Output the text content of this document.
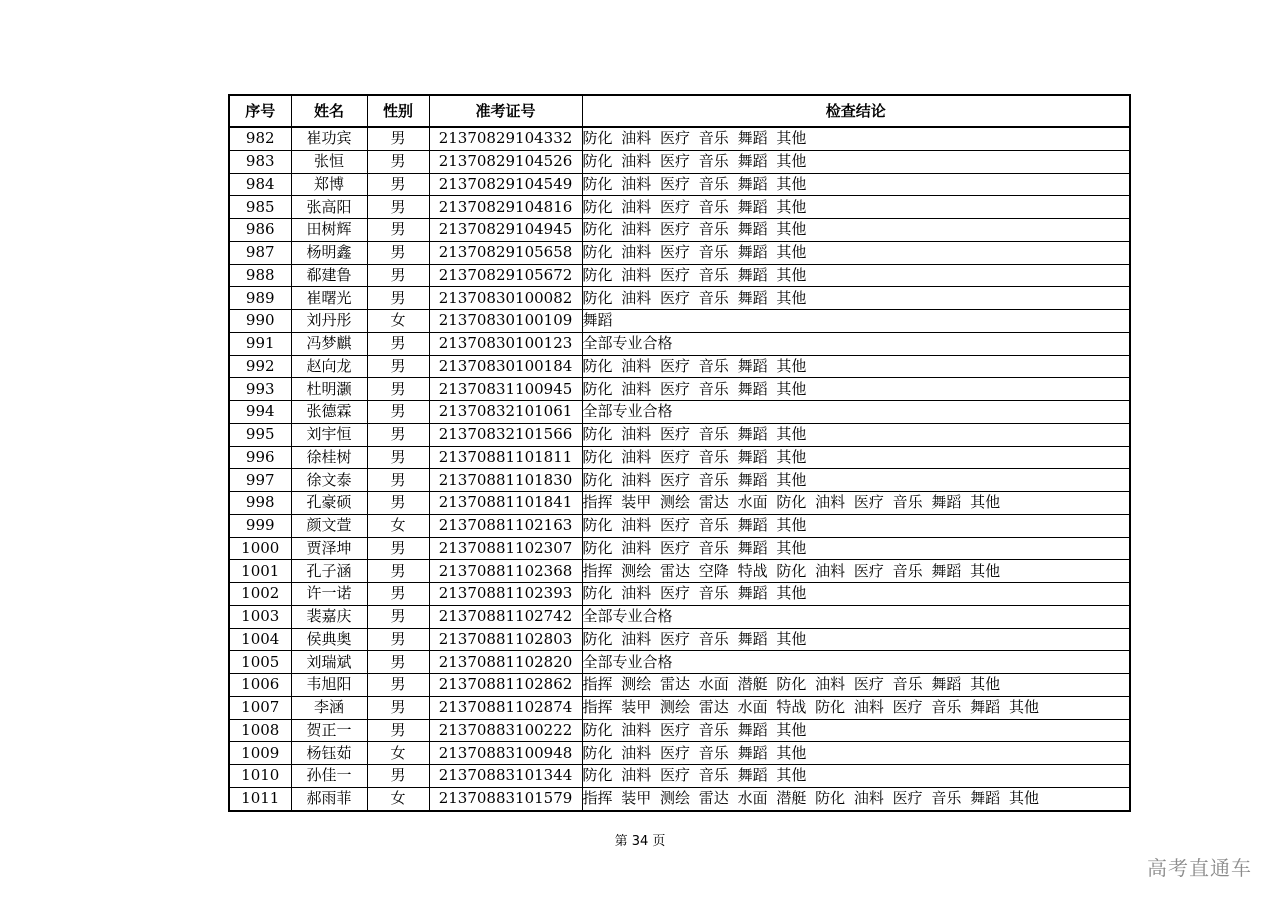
序号	姓名	性别	准考证号	检查结论
982	崔功宾	男	21370829104332	防化 油料 医疗 音乐 舞蹈 其他
983	张恒	男	21370829104526	防化 油料 医疗 音乐 舞蹈 其他
984	郑博	男	21370829104549	防化 油料 医疗 音乐 舞蹈 其他
985	张高阳	男	21370829104816	防化 油料 医疗 音乐 舞蹈 其他
986	田树辉	男	21370829104945	防化 油料 医疗 音乐 舞蹈 其他
987	杨明鑫	男	21370829105658	防化 油料 医疗 音乐 舞蹈 其他
988	郗建鲁	男	21370829105672	防化 油料 医疗 音乐 舞蹈 其他
989	崔曙光	男	21370830100082	防化 油料 医疗 音乐 舞蹈 其他
990	刘丹彤	女	21370830100109	舞蹈
991	冯梦麒	男	21370830100123	全部专业合格
992	赵向龙	男	21370830100184	防化 油料 医疗 音乐 舞蹈 其他
993	杜明灏	男	21370831100945	防化 油料 医疗 音乐 舞蹈 其他
994	张德霖	男	21370832101061	全部专业合格
995	刘宇恒	男	21370832101566	防化 油料 医疗 音乐 舞蹈 其他
996	徐桂树	男	21370881101811	防化 油料 医疗 音乐 舞蹈 其他
997	徐文泰	男	21370881101830	防化 油料 医疗 音乐 舞蹈 其他
998	孔豪硕	男	21370881101841	指挥 装甲 测绘 雷达 水面 防化 油料 医疗 音乐 舞蹈 其他
999	颜文萱	女	21370881102163	防化 油料 医疗 音乐 舞蹈 其他
1000	贾泽坤	男	21370881102307	防化 油料 医疗 音乐 舞蹈 其他
1001	孔子涵	男	21370881102368	指挥 测绘 雷达 空降 特战 防化 油料 医疗 音乐 舞蹈 其他
1002	许一诺	男	21370881102393	防化 油料 医疗 音乐 舞蹈 其他
1003	裴嘉庆	男	21370881102742	全部专业合格
1004	侯典奥	男	21370881102803	防化 油料 医疗 音乐 舞蹈 其他
1005	刘瑞斌	男	21370881102820	全部专业合格
1006	韦旭阳	男	21370881102862	指挥 测绘 雷达 水面 潜艇 防化 油料 医疗 音乐 舞蹈 其他
1007	李涵	男	21370881102874	指挥 装甲 测绘 雷达 水面 特战 防化 油料 医疗 音乐 舞蹈 其他
1008	贺正一	男	21370883100222	防化 油料 医疗 音乐 舞蹈 其他
1009	杨钰茹	女	21370883100948	防化 油料 医疗 音乐 舞蹈 其他
1010	孙佳一	男	21370883101344	防化 油料 医疗 音乐 舞蹈 其他
1011	郝雨菲	女	21370883101579	指挥 装甲 测绘 雷达 水面 潜艇 防化 油料 医疗 音乐 舞蹈 其他
第 34 页
高考直通车
